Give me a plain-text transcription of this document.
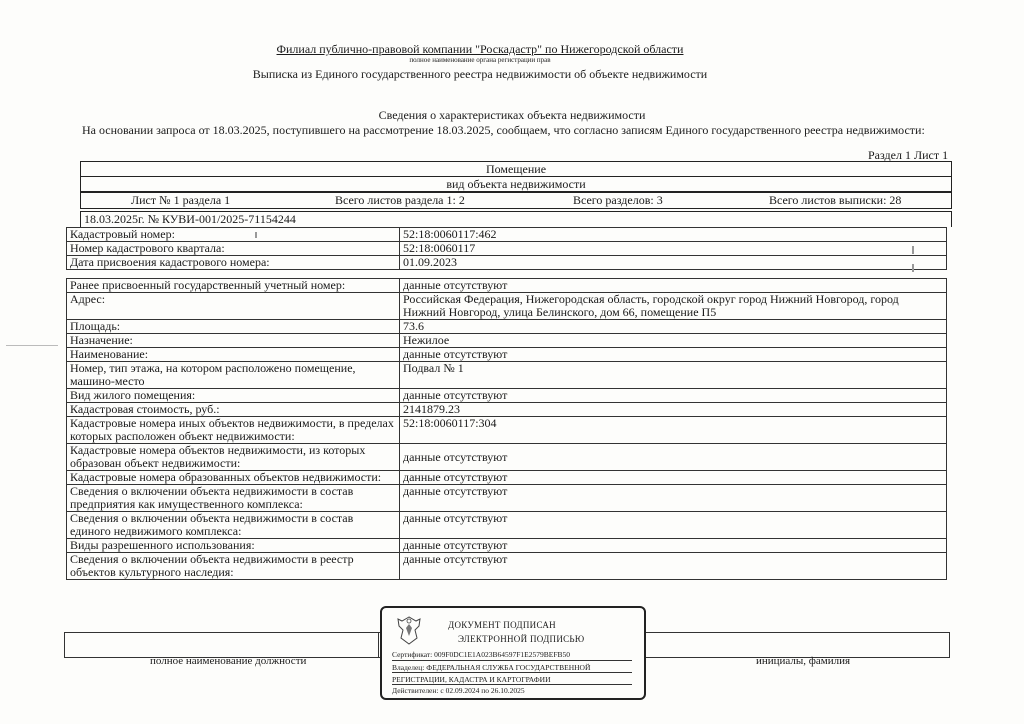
Филиал публично-правовой компании "Роскадастр" по Нижегородской области
полное наименование органа регистрации прав
Выписка из Единого государственного реестра недвижимости об объекте недвижимости
Сведения о характеристиках объекта недвижимости
На основании запроса от 18.03.2025, поступившего на рассмотрение 18.03.2025, сообщаем, что согласно записям Единого государственного реестра недвижимости:
Раздел 1 Лист 1
Помещение
вид объекта недвижимости
Лист № 1 раздела 1	Всего листов раздела 1: 2	Всего разделов: 3	Всего листов выписки: 28
18.03.2025г. № КУВИ-001/2025-71154244
Кадастровый номер:	52:18:0060117:462
Номер кадастрового квартала:	52:18:0060117
Дата присвоения кадастрового номера:	01.09.2023
Ранее присвоенный государственный учетный номер:	данные отсутствуют
Адрес:	Российская Федерация, Нижегородская область, городской округ город Нижний Новгород, город Нижний Новгород, улица Белинского, дом 66, помещение П5
Площадь:	73.6
Назначение:	Нежилое
Наименование:	данные отсутствуют
Номер, тип этажа, на котором расположено помещение, машино-место	Подвал № 1
Вид жилого помещения:	данные отсутствуют
Кадастровая стоимость, руб.:	2141879.23
Кадастровые номера иных объектов недвижимости, в пределах которых расположен объект недвижимости:	52:18:0060117:304
Кадастровые номера объектов недвижимости, из которых образован объект недвижимости:	данные отсутствуют
Кадастровые номера образованных объектов недвижимости:	данные отсутствуют
Сведения о включении объекта недвижимости в состав предприятия как имущественного комплекса:	данные отсутствуют
Сведения о включении объекта недвижимости в состав единого недвижимого комплекса:	данные отсутствуют
Виды разрешенного использования:	данные отсутствуют
Сведения о включении объекта недвижимости в реестр объектов культурного наследия:	данные отсутствуют
полное наименование должности	инициалы, фамилия
ДОКУМЕНТ ПОДПИСАН
ЭЛЕКТРОННОЙ ПОДПИСЬЮ
Сертификат: 009F0DC1E1A023B64597F1E2579BEFB50
Владелец: ФЕДЕРАЛЬНАЯ СЛУЖБА ГОСУДАРСТВЕННОЙ
РЕГИСТРАЦИИ, КАДАСТРА И КАРТОГРАФИИ
Действителен: с 02.09.2024 по 26.10.2025
